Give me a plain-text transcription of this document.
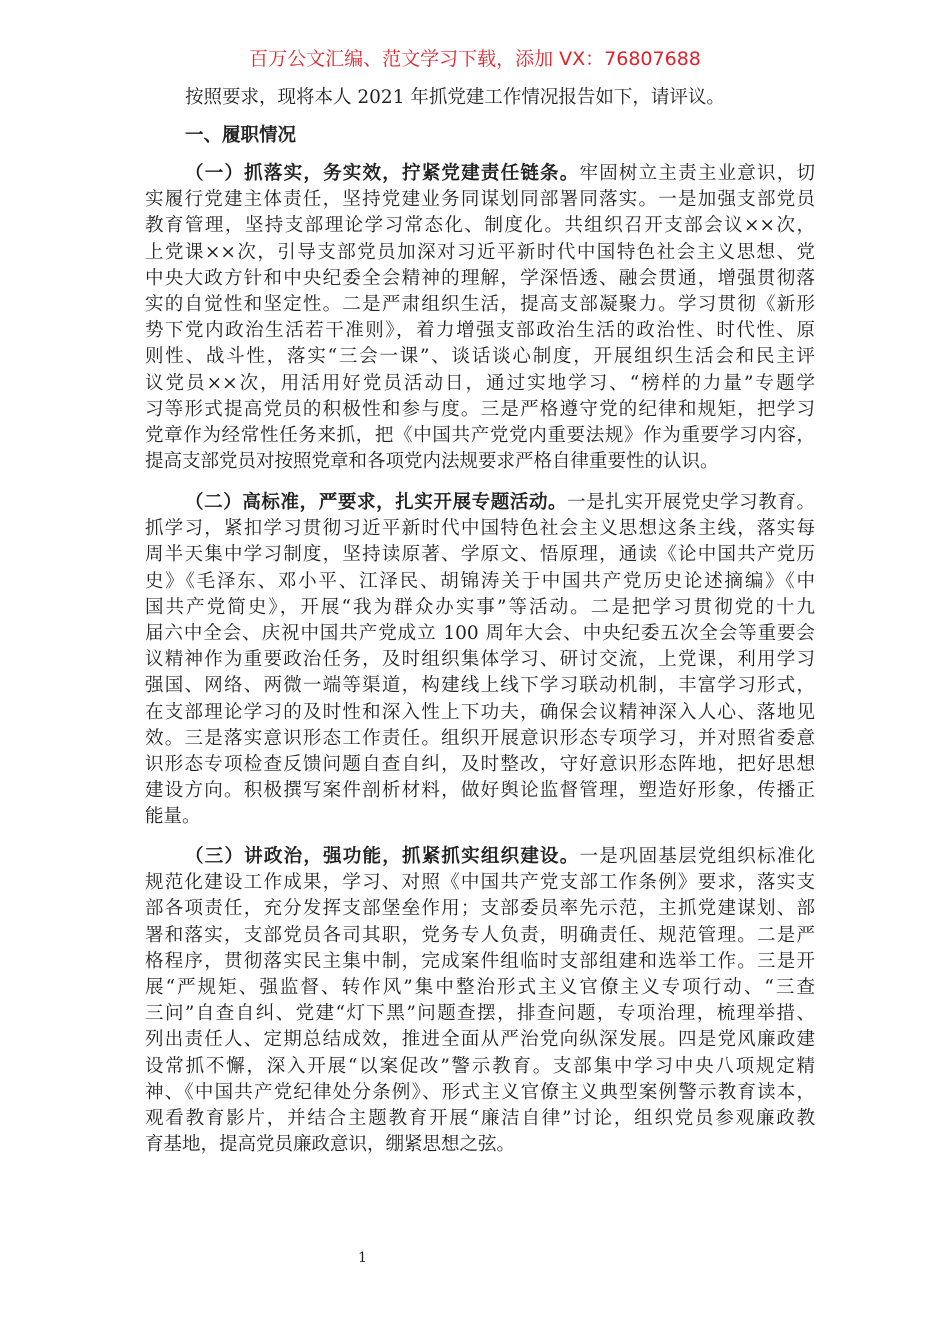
百万公文汇编、范文学习下载，添加 VX：76807688
按照要求，现将本人 2021 年抓党建工作情况报告如下，请评议。
一、履职情况
（一）抓落实，务实效，拧紧党建责任链条。牢固树立主责主业意识，切
实履行党建主体责任，坚持党建业务同谋划同部署同落实。一是加强支部党员
教育管理，坚持支部理论学习常态化、制度化。共组织召开支部会议××次，
上党课××次，引导支部党员加深对习近平新时代中国特色社会主义思想、党
中央大政方针和中央纪委全会精神的理解，学深悟透、融会贯通，增强贯彻落
实的自觉性和坚定性。二是严肃组织生活，提高支部凝聚力。学习贯彻《新形
势下党内政治生活若干准则》，着力增强支部政治生活的政治性、时代性、原
则性、战斗性，落实“三会一课”、谈话谈心制度，开展组织生活会和民主评
议党员××次，用活用好党员活动日，通过实地学习、“榜样的力量”专题学
习等形式提高党员的积极性和参与度。三是严格遵守党的纪律和规矩，把学习
党章作为经常性任务来抓，把《中国共产党党内重要法规》作为重要学习内容，
提高支部党员对按照党章和各项党内法规要求严格自律重要性的认识。
（二）高标准，严要求，扎实开展专题活动。一是扎实开展党史学习教育。
抓学习，紧扣学习贯彻习近平新时代中国特色社会主义思想这条主线，落实每
周半天集中学习制度，坚持读原著、学原文、悟原理，通读《论中国共产党历
史》《毛泽东、邓小平、江泽民、胡锦涛关于中国共产党历史论述摘编》《中
国共产党简史》，开展“我为群众办实事”等活动。二是把学习贯彻党的十九
届六中全会、庆祝中国共产党成立 100 周年大会、中央纪委五次全会等重要会
议精神作为重要政治任务，及时组织集体学习、研讨交流，上党课，利用学习
强国、网络、两微一端等渠道，构建线上线下学习联动机制，丰富学习形式，
在支部理论学习的及时性和深入性上下功夫，确保会议精神深入人心、落地见
效。三是落实意识形态工作责任。组织开展意识形态专项学习，并对照省委意
识形态专项检查反馈问题自查自纠，及时整改，守好意识形态阵地，把好思想
建设方向。积极撰写案件剖析材料，做好舆论监督管理，塑造好形象，传播正
能量。
（三）讲政治，强功能，抓紧抓实组织建设。一是巩固基层党组织标准化
规范化建设工作成果，学习、对照《中国共产党支部工作条例》要求，落实支
部各项责任，充分发挥支部堡垒作用；支部委员率先示范，主抓党建谋划、部
署和落实，支部党员各司其职，党务专人负责，明确责任、规范管理。二是严
格程序，贯彻落实民主集中制，完成案件组临时支部组建和选举工作。三是开
展“严规矩、强监督、转作风”集中整治形式主义官僚主义专项行动、“三查
三问”自查自纠、党建“灯下黑”问题查摆，排查问题，专项治理，梳理举措、
列出责任人、定期总结成效，推进全面从严治党向纵深发展。四是党风廉政建
设常抓不懈，深入开展“以案促改”警示教育。支部集中学习中央八项规定精
神、《中国共产党纪律处分条例》、形式主义官僚主义典型案例警示教育读本，
观看教育影片，并结合主题教育开展“廉洁自律”讨论，组织党员参观廉政教
育基地，提高党员廉政意识，绷紧思想之弦。
1
